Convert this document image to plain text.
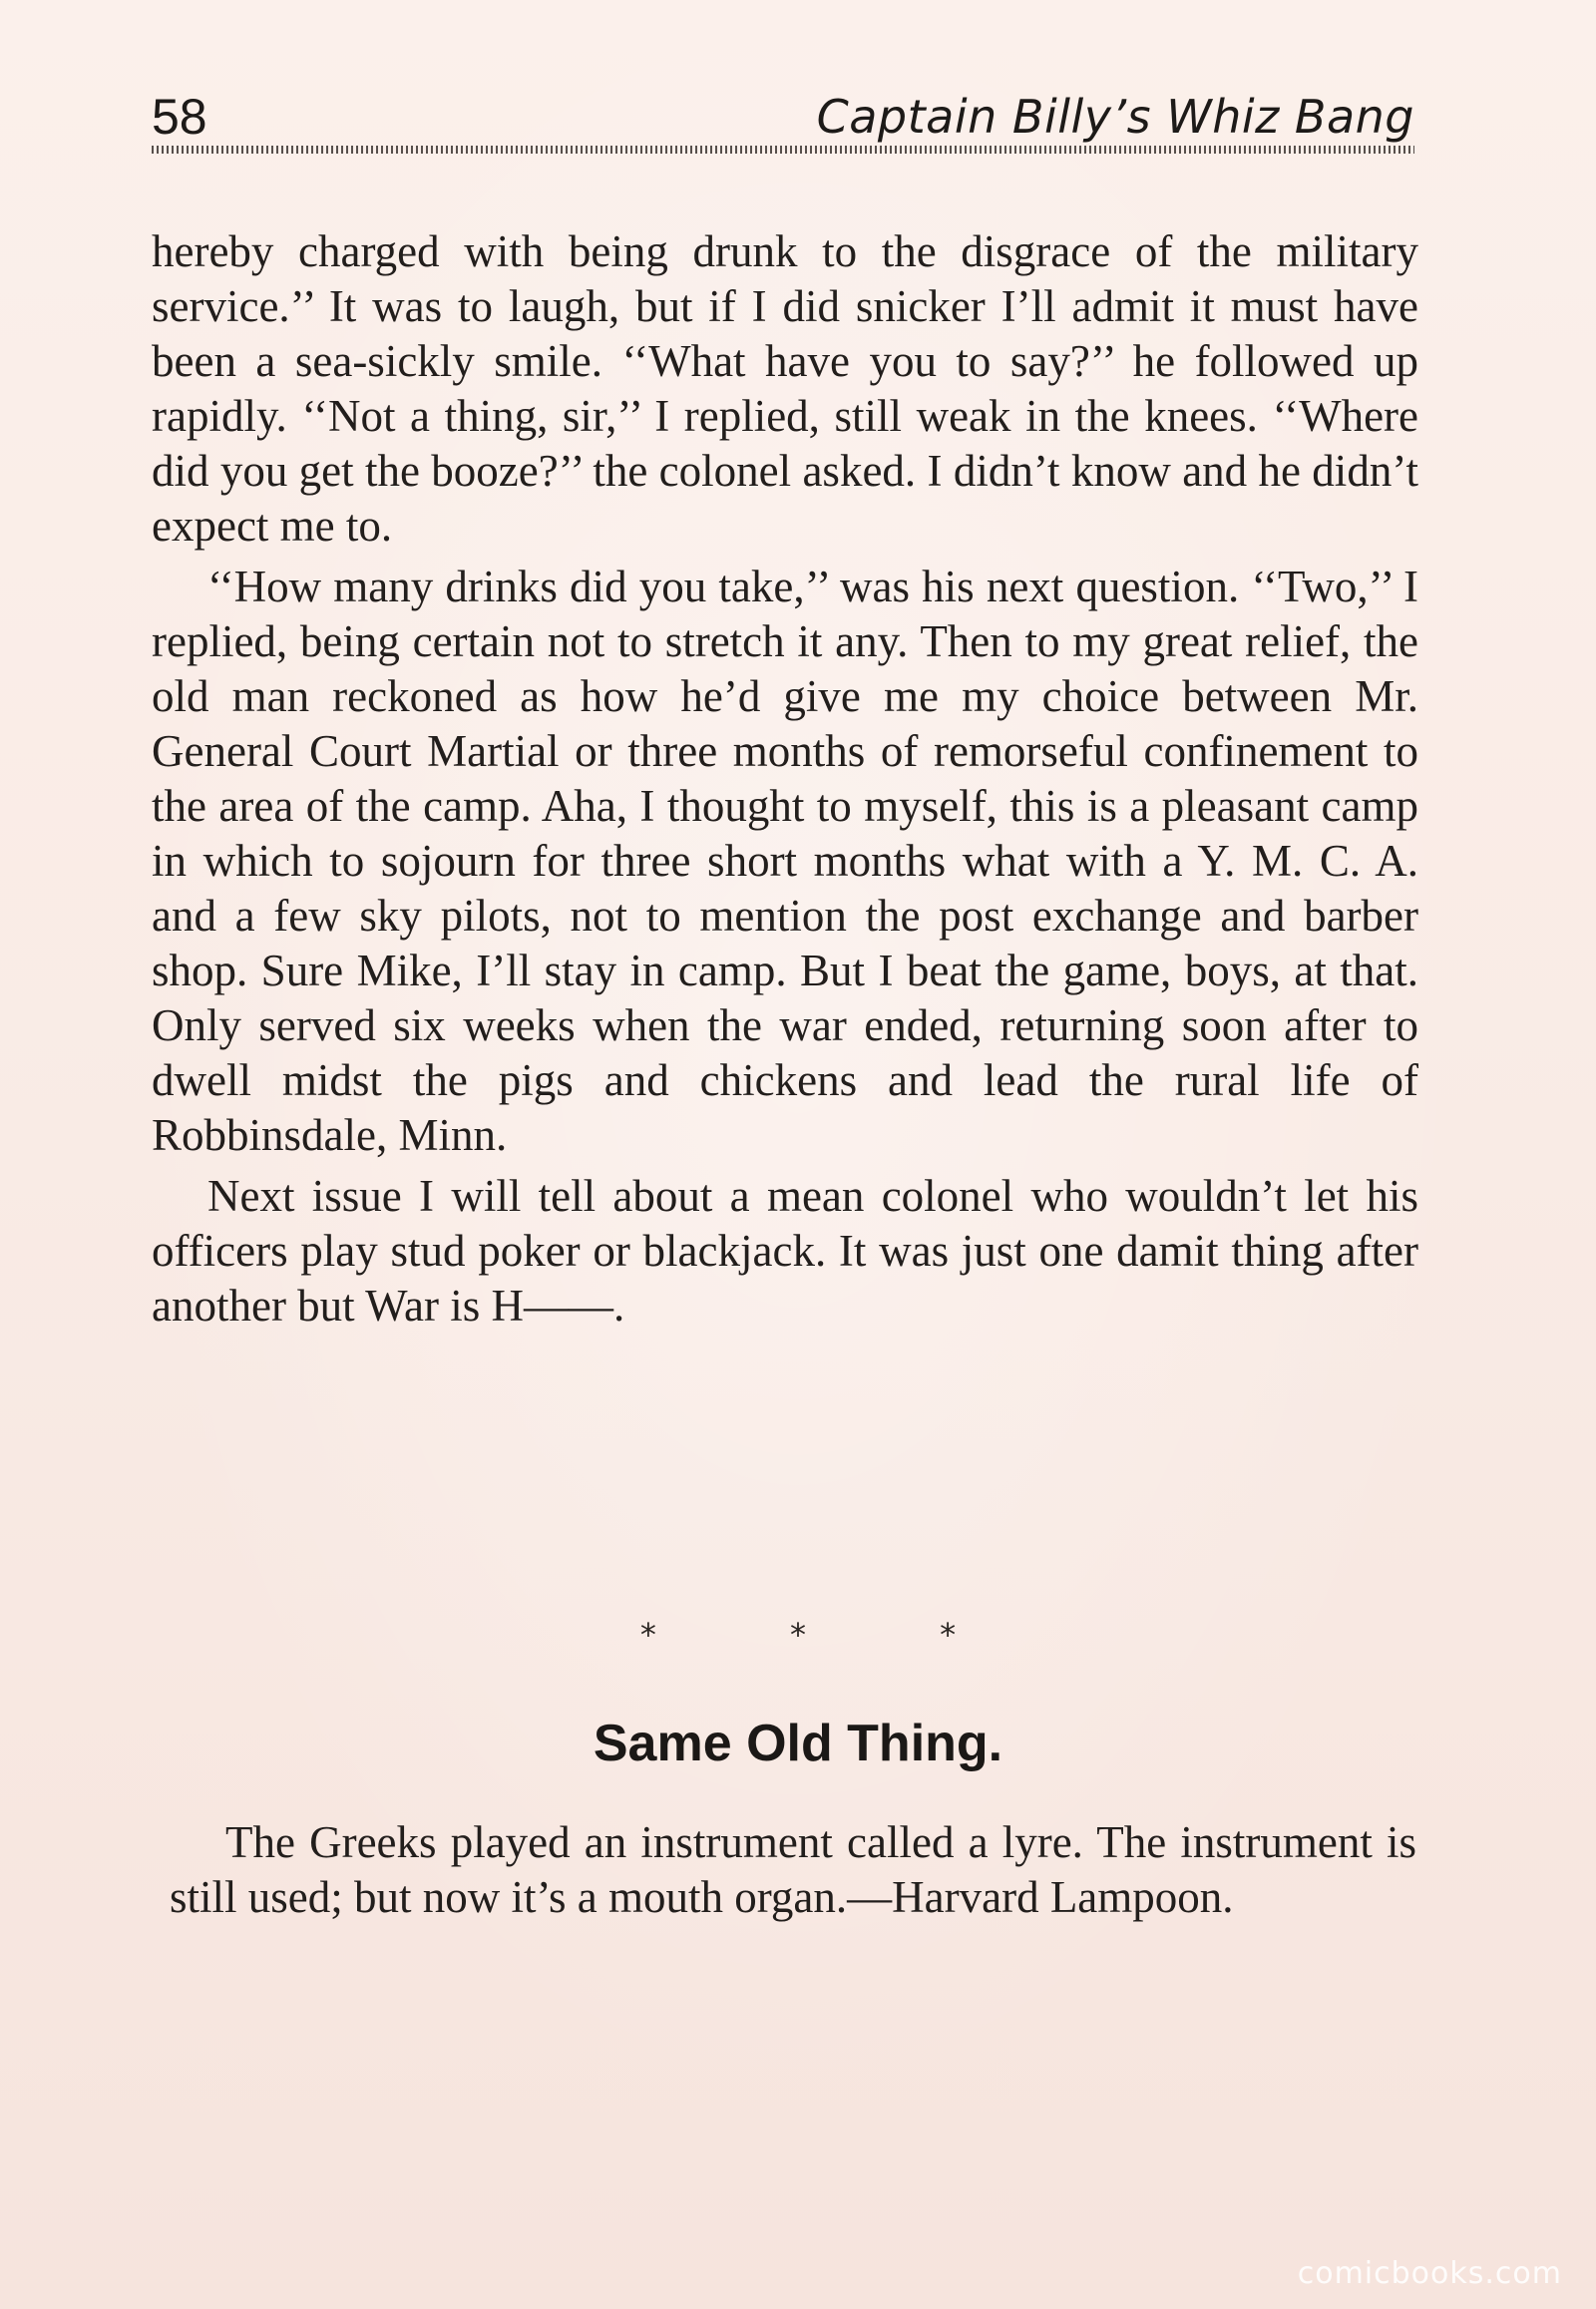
58	Captain Billy’s Whiz Bang

hereby charged with being drunk to the disgrace of the military service.’’ It was to laugh, but if I did snicker I’ll admit it must have been a sea-sickly smile. ‘‘What have you to say?’’ he followed up rapidly. ‘‘Not a thing, sir,’’ I replied, still weak in the knees. ‘‘Where did you get the booze?’’ the colonel asked. I didn’t know and he didn’t expect me to.

‘‘How many drinks did you take,’’ was his next question. ‘‘Two,’’ I replied, being certain not to stretch it any. Then to my great relief, the old man reckoned as how he’d give me my choice between Mr. General Court Martial or three months of remorseful confinement to the area of the camp. Aha, I thought to myself, this is a pleasant camp in which to sojourn for three short months what with a Y. M. C. A. and a few sky pilots, not to mention the post exchange and barber shop. Sure Mike, I’ll stay in camp. But I beat the game, boys, at that. Only served six weeks when the war ended, returning soon after to dwell midst the pigs and chickens and lead the rural life of Robbinsdale, Minn.

Next issue I will tell about a mean colonel who wouldn’t let his officers play stud poker or blackjack. It was just one damit thing after another but War is H——.

* * *
Same Old Thing.

The Greeks played an instrument called a lyre. The instrument is still used; but now it’s a mouth organ.—Harvard Lampoon.

comicbooks.com
